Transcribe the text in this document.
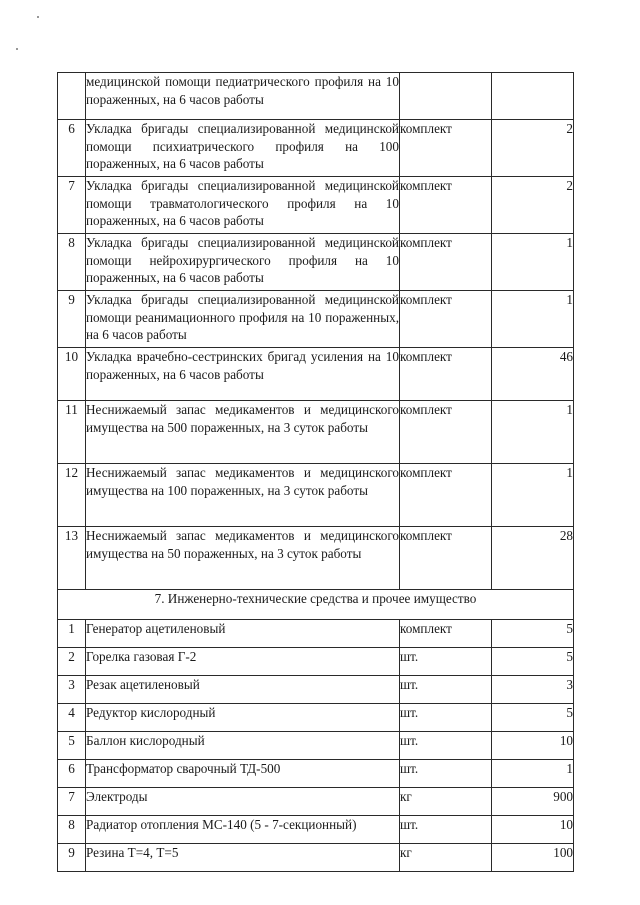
	медицинской помощи педиатрического профиля на 10 пораженных, на 6 часов работы		
6	Укладка бригады специализированной медицинской помощи психиатрического профиля на 100 пораженных, на 6 часов работы	комплект	2
7	Укладка бригады специализированной медицинской помощи травматологического профиля на 10 пораженных, на 6 часов работы	комплект	2
8	Укладка бригады специализированной медицинской помощи нейрохирургического профиля на 10 пораженных, на 6 часов работы	комплект	1
9	Укладка бригады специализированной медицинской помощи реанимационного профиля на 10 пораженных, на 6 часов работы	комплект	1
10	Укладка врачебно-сестринских бригад усиления на 10 пораженных, на 6 часов работы	комплект	46
11	Неснижаемый запас медикаментов и медицинского имущества на 500 пораженных, на 3 суток работы	комплект	1
12	Неснижаемый запас медикаментов и медицинского имущества на 100 пораженных, на 3 суток работы	комплект	1
13	Неснижаемый запас медикаментов и медицинского имущества на 50 пораженных, на 3 суток работы	комплект	28
7. Инженерно-технические средства и прочее имущество			
1	Генератор ацетиленовый	комплект	5
2	Горелка газовая Г-2	шт.	5
3	Резак ацетиленовый	шт.	3
4	Редуктор кислородный	шт.	5
5	Баллон кислородный	шт.	10
6	Трансформатор сварочный ТД-500	шт.	1
7	Электроды	кг	900
8	Радиатор отопления МС-140 (5 - 7-секционный)	шт.	10
9	Резина Т=4, Т=5	кг	100
